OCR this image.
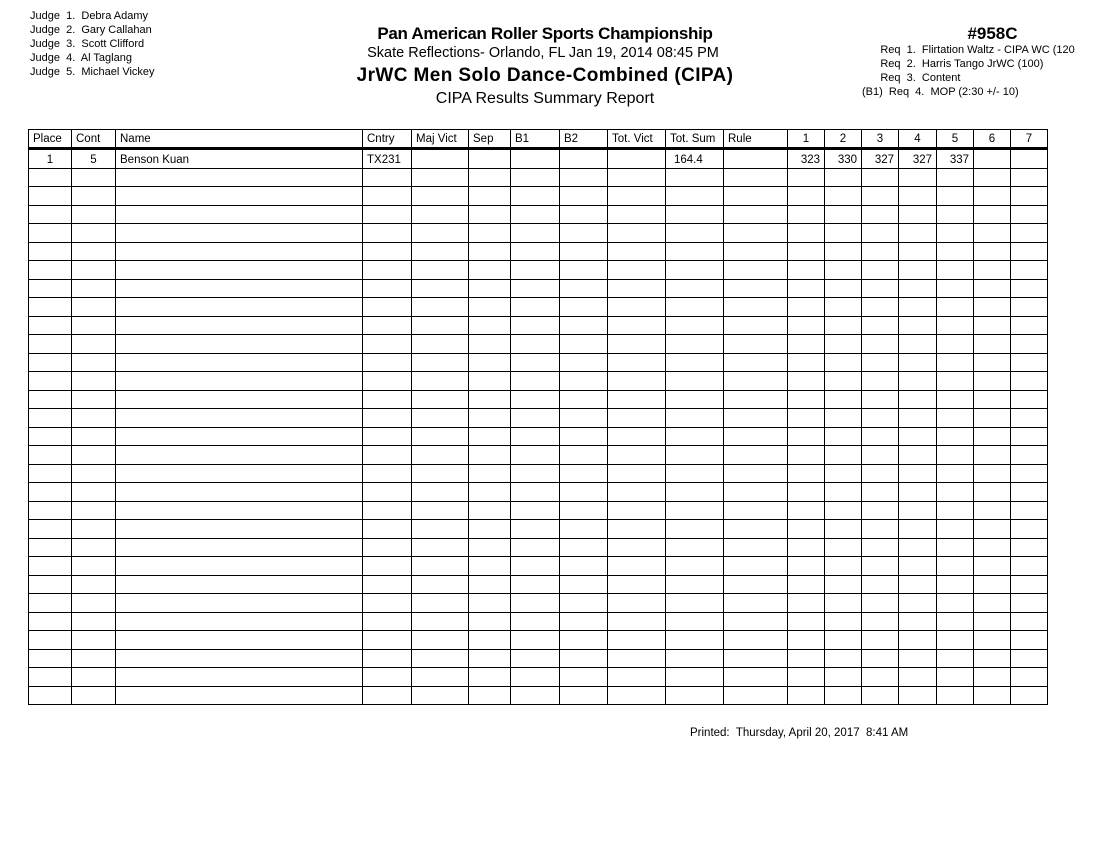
Judge  1.  Debra Adamy
Judge  2.  Gary Callahan
Judge  3.  Scott Clifford
Judge  4.  Al Taglang
Judge  5.  Michael Vickey
Pan American Roller Sports Championship
Skate Reflections- Orlando, FL Jan 19, 2014 08:45 PM
JrWC Men Solo Dance-Combined (CIPA)
CIPA Results Summary Report
#958C
Req  1.  Flirtation Waltz - CIPA WC (120
Req  2.  Harris Tango JrWC (100)
Req  3.  Content
(B1)  Req  4.  MOP (2:30 +/- 10)
Place	Cont	Name	Cntry	Maj Vict	Sep	B1	B2	Tot. Vict	Tot. Sum	Rule	1	2	3	4	5	6	7
1	5	Benson Kuan	TX231						164.4		323	330	327	327	337		

Printed:  Thursday, April 20, 2017  8:41 AM
